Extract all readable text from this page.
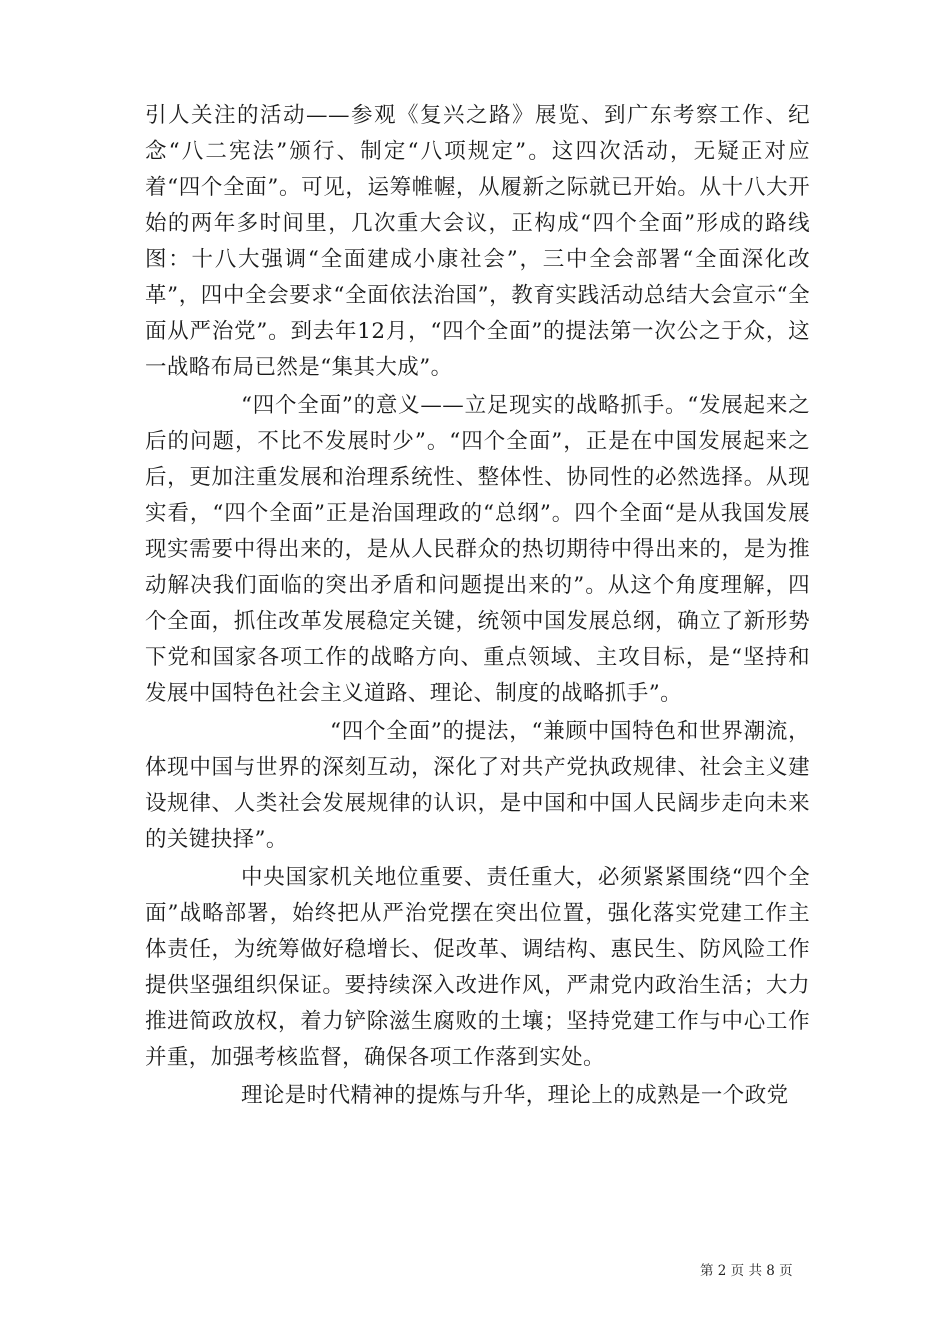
引人关注的活动——参观《复兴之路》展览、到广东考察工作、纪念“八二宪法”颁行、制定“八项规定”。这四次活动，无疑正对应着“四个全面”。可见，运筹帷幄，从履新之际就已开始。从十八大开始的两年多时间里，几次重大会议，正构成“四个全面”形成的路线图：十八大强调“全面建成小康社会”，三中全会部署“全面深化改革”，四中全会要求“全面依法治国”，教育实践活动总结大会宣示“全面从严治党”。到去年12月，“四个全面”的提法第一次公之于众，这一战略布局已然是“集其大成”。

“四个全面”的意义——立足现实的战略抓手。“发展起来之后的问题，不比不发展时少”。“四个全面”，正是在中国发展起来之后，更加注重发展和治理系统性、整体性、协同性的必然选择。从现实看，“四个全面”正是治国理政的“总纲”。四个全面“是从我国发展现实需要中得出来的，是从人民群众的热切期待中得出来的，是为推动解决我们面临的突出矛盾和问题提出来的”。从这个角度理解，四个全面，抓住改革发展稳定关键，统领中国发展总纲，确立了新形势下党和国家各项工作的战略方向、重点领域、主攻目标，是“坚持和发展中国特色社会主义道路、理论、制度的战略抓手”。

“四个全面”的提法，“兼顾中国特色和世界潮流，体现中国与世界的深刻互动，深化了对共产党执政规律、社会主义建设规律、人类社会发展规律的认识，是中国和中国人民阔步走向未来的关键抉择”。

中央国家机关地位重要、责任重大，必须紧紧围绕“四个全面”战略部署，始终把从严治党摆在突出位置，强化落实党建工作主体责任，为统筹做好稳增长、促改革、调结构、惠民生、防风险工作提供坚强组织保证。要持续深入改进作风，严肃党内政治生活；大力推进简政放权，着力铲除滋生腐败的土壤；坚持党建工作与中心工作并重，加强考核监督，确保各项工作落到实处。

理论是时代精神的提炼与升华，理论上的成熟是一个政党

第 2 页 共 8 页
